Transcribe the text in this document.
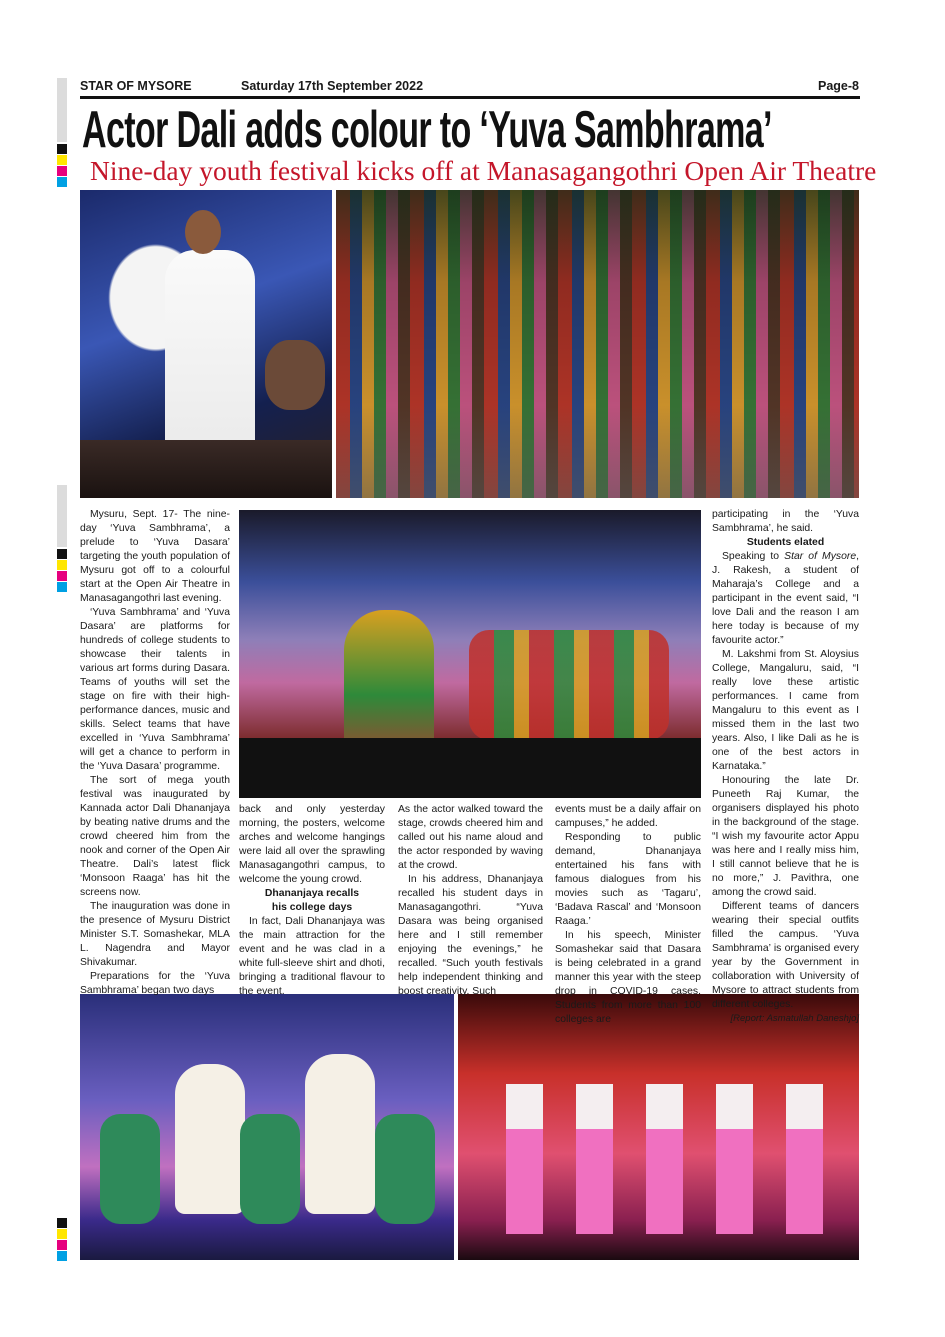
STAR OF MYSORE	Saturday 17th September 2022	Page-8
Actor Dali adds colour to ‘Yuva Sambhrama’
Nine-day youth festival kicks off at Manasagangothri Open Air Theatre

Mysuru, Sept. 17- The nine-day ‘Yuva Sambhrama’, a prelude to ‘Yuva Dasara’ targeting the youth population of Mysuru got off to a colourful start at the Open Air Theatre in Manasagangothri last evening.

‘Yuva Sambhrama’ and ‘Yuva Dasara’ are platforms for hundreds of college students to showcase their talents in various art forms during Dasara. Teams of youths will set the stage on fire with their high-performance dances, music and skills. Select teams that have excelled in ‘Yuva Sambhrama’ will get a chance to perform in the ‘Yuva Dasara’ programme.

The sort of mega youth festival was inaugurated by Kannada actor Dali Dhananjaya by beating native drums and the crowd cheered him from the nook and corner of the Open Air Theatre. Dali’s latest flick ‘Monsoon Raaga’ has hit the screens now.

The inauguration was done in the presence of Mysuru District Minister S.T. Somashekar, MLA L. Nagendra and Mayor Shivakumar.

Preparations for the ‘Yuva Sambhrama’ began two days

back and only yesterday morning, the posters, welcome arches and welcome hangings were laid all over the sprawling Manasagangothri campus, to welcome the young crowd.

Dhananjaya recalls
his college days

In fact, Dali Dhananjaya was the main attraction for the event and he was clad in a white full-sleeve shirt and dhoti, bringing a traditional flavour to the event.

As the actor walked toward the stage, crowds cheered him and called out his name aloud and the actor responded by waving at the crowd.

In his address, Dhananjaya recalled his student days in Manasagangothri. “Yuva Dasara was being organised here and I still remember enjoying the evenings,” he recalled. “Such youth festivals help independent thinking and boost creativity. Such

events must be a daily affair on campuses,” he added.

Responding to public demand, Dhananjaya entertained his fans with famous dialogues from his movies such as ‘Tagaru’, ‘Badava Rascal’ and ‘Monsoon Raaga.’

In his speech, Minister Somashekar said that Dasara is being celebrated in a grand manner this year with the steep drop in COVID-19 cases. Students from more than 100 colleges are

participating in the ‘Yuva Sambhrama’, he said.

Students elated

Speaking to Star of Mysore, J. Rakesh, a student of Maharaja’s College and a participant in the event said, “I love Dali and the reason I am here today is because of my favourite actor.”

M. Lakshmi from St. Aloysius College, Mangaluru, said, “I really love these artistic performances. I came from Mangaluru to this event as I missed them in the last two years. Also, I like Dali as he is one of the best actors in Karnataka.”

Honouring the late Dr. Puneeth Raj Kumar, the organisers displayed his photo in the background of the stage. “I wish my favourite actor Appu was here and I really miss him, I still cannot believe that he is no more,” J. Pavithra, one among the crowd said.

Different teams of dancers wearing their special outfits filled the campus. ‘Yuva Sambhrama’ is organised every year by the Government in collaboration with University of Mysore to attract students from different colleges.

[Report: Asmatullah Daneshjo]
